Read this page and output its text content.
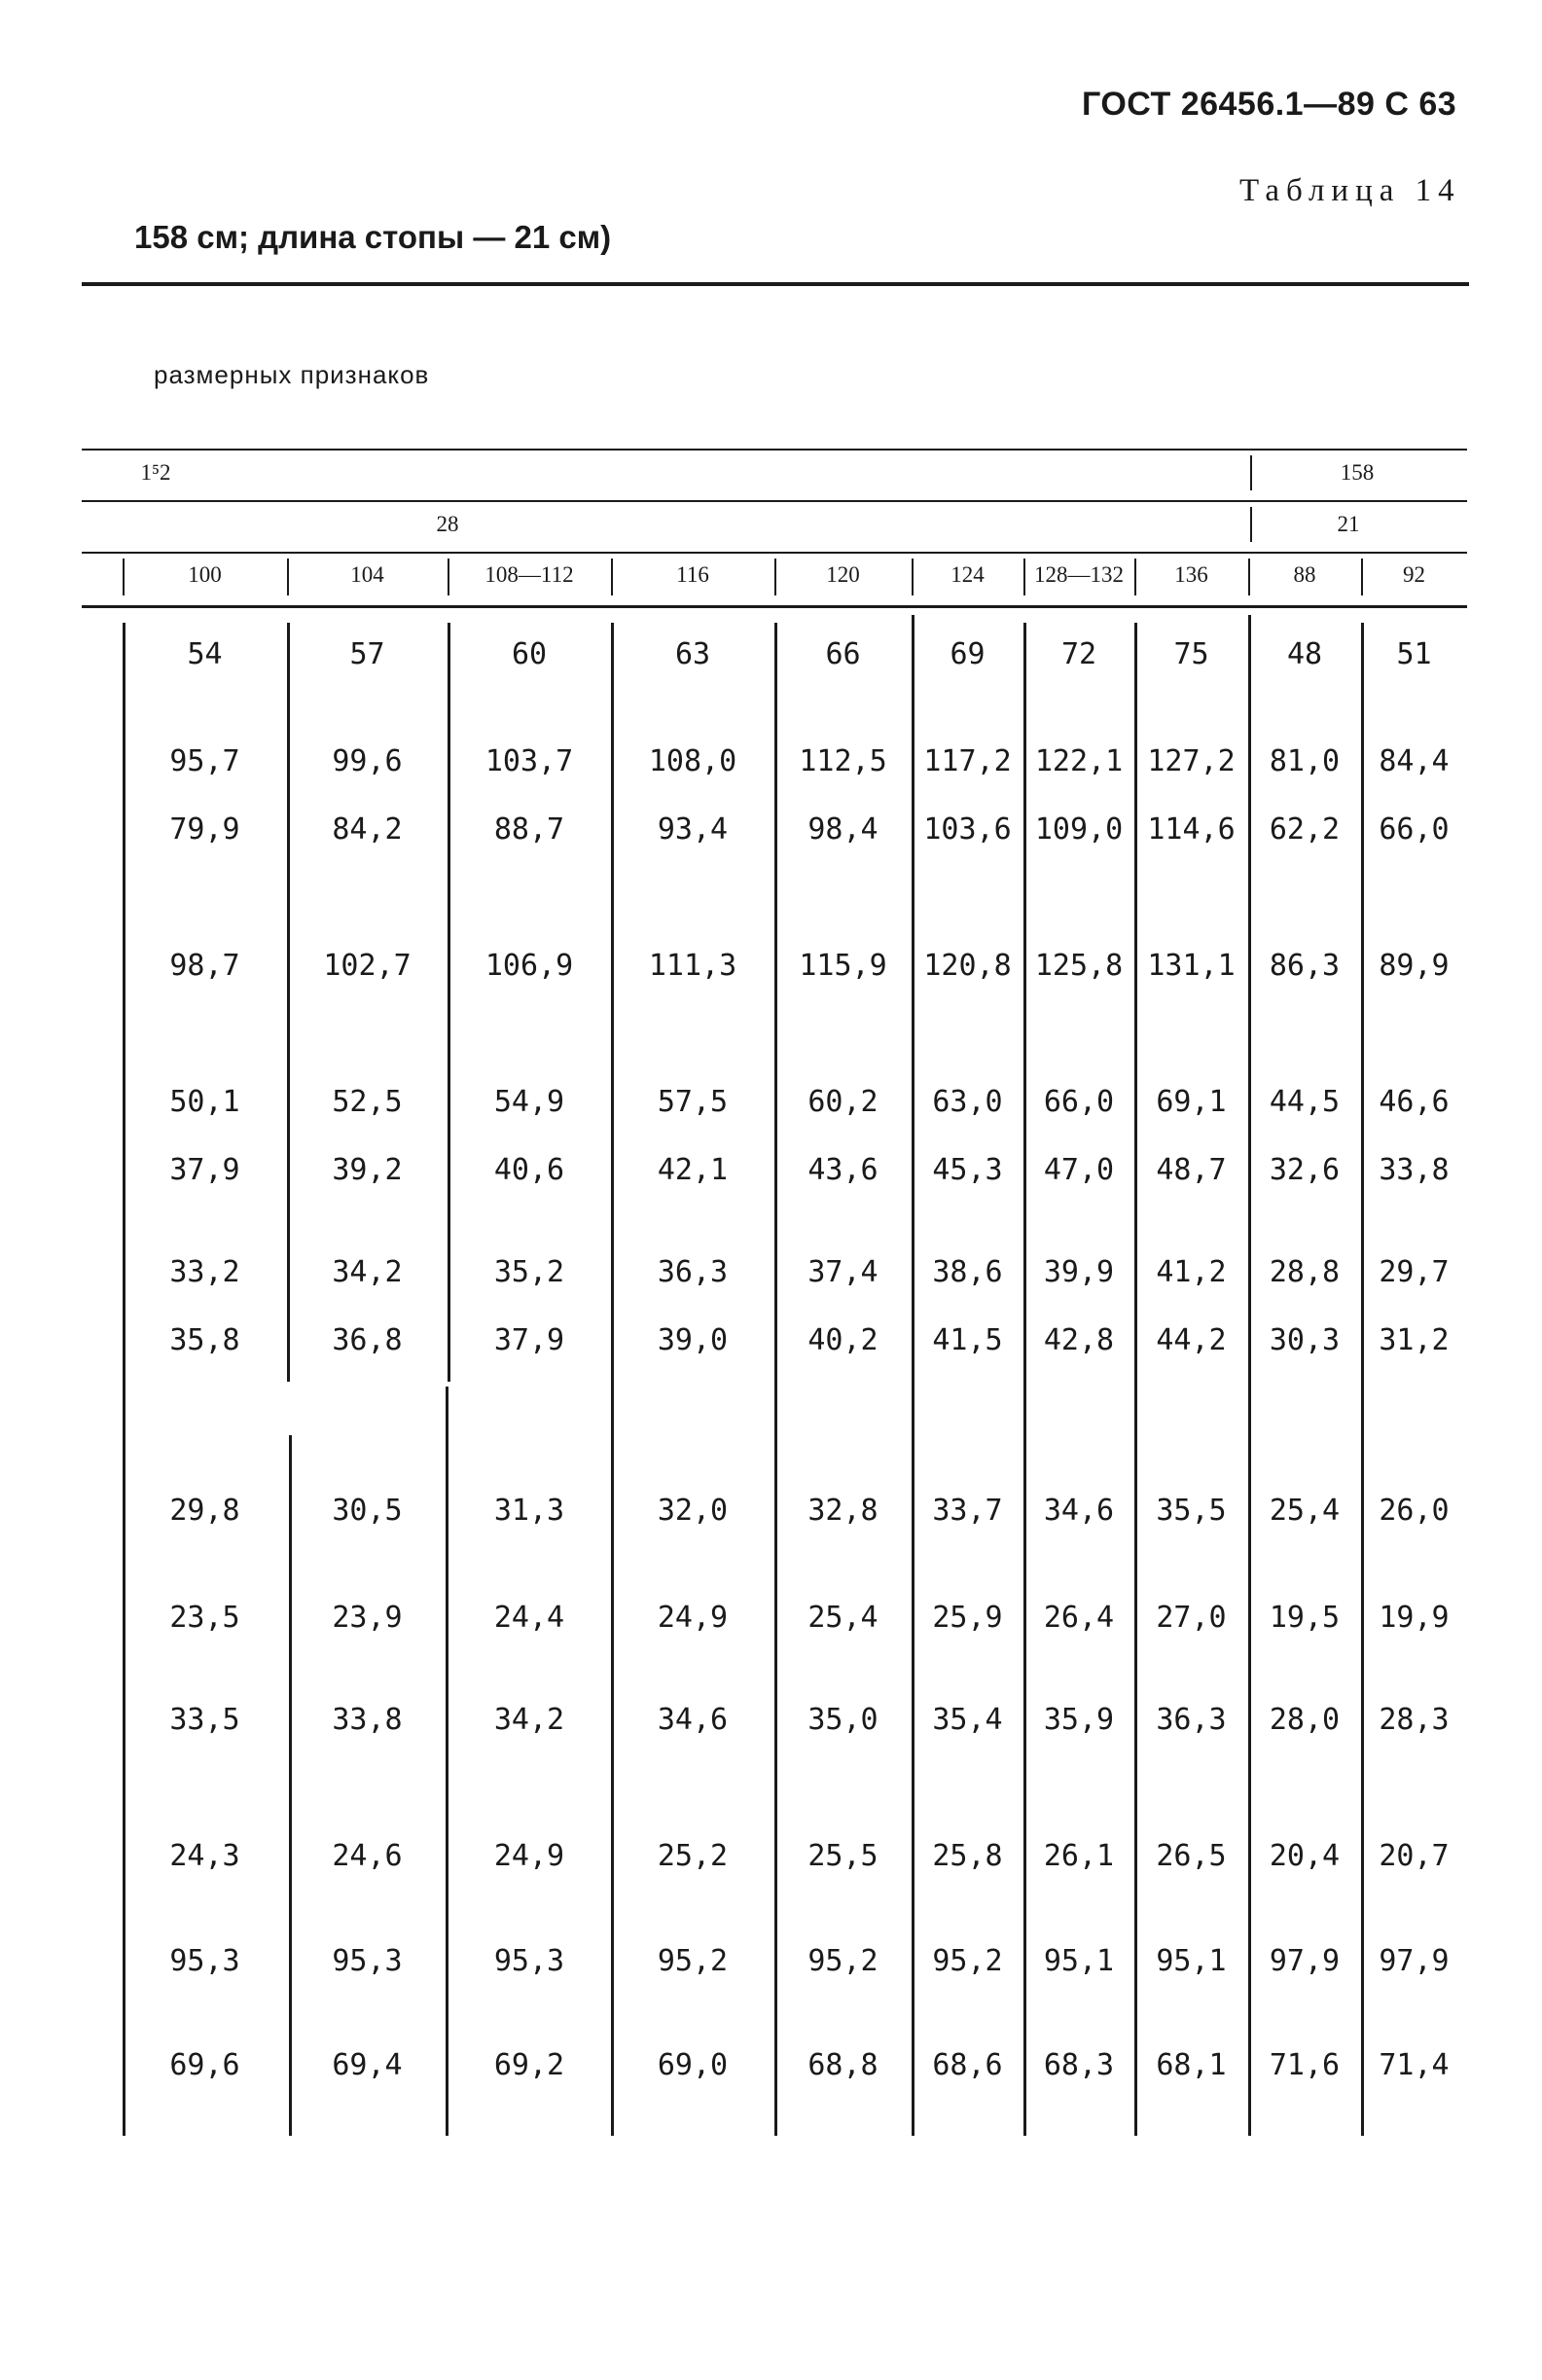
ГОСТ 26456.1—89 С 63
Таблица 14
158 см; длина стопы — 21 см)
размерных признаков
1⁵2	158
28	21
100	104	108—112	116	120	124	128—132	136	88	92
54	57	60	63	66	69	72	75	48	51
95,7	99,6	103,7	108,0	112,5	117,2 122,1 127,2	81,0	84,4
79,9	84,2	88,7	93,4	98,4	103,6 109,0 114,6	62,2	66,0
98,7	102,7	106,9	111,3	115,9	120,8 125,8 131,1	86,3	89,9
50,1	52,5	54,9	57,5	60,2	63,0	66,0	69,1	44,5	46,6
37,9	39,2	40,6	42,1	43,6	45,3	47,0	48,7	32,6	33,8
33,2	34,2	35,2	36,3	37,4	38,6	39,9	41,2	28,8	29,7
35,8	36,8	37,9	39,0	40,2	41,5	42,8	44,2	30,3	31,2
29,8	30,5	31,3	32,0	32,8	33,7	34,6	35,5	25,4	26,0
23,5	23,9	24,4	24,9	25,4	25,9	26,4	27,0	19,5	19,9
33,5	33,8	34,2	34,6	35,0	35,4	35,9	36,3	28,0	28,3
24,3	24,6	24,9	25,2	25,5	25,8	26,1	26,5	20,4	20,7
95,3	95,3	95,3	95,2	95,2	95,2	95,1	95,1	97,9	97,9
69,6	69,4	69,2	69,0	68,8	68,6	68,3	68,1	71,6	71,4
